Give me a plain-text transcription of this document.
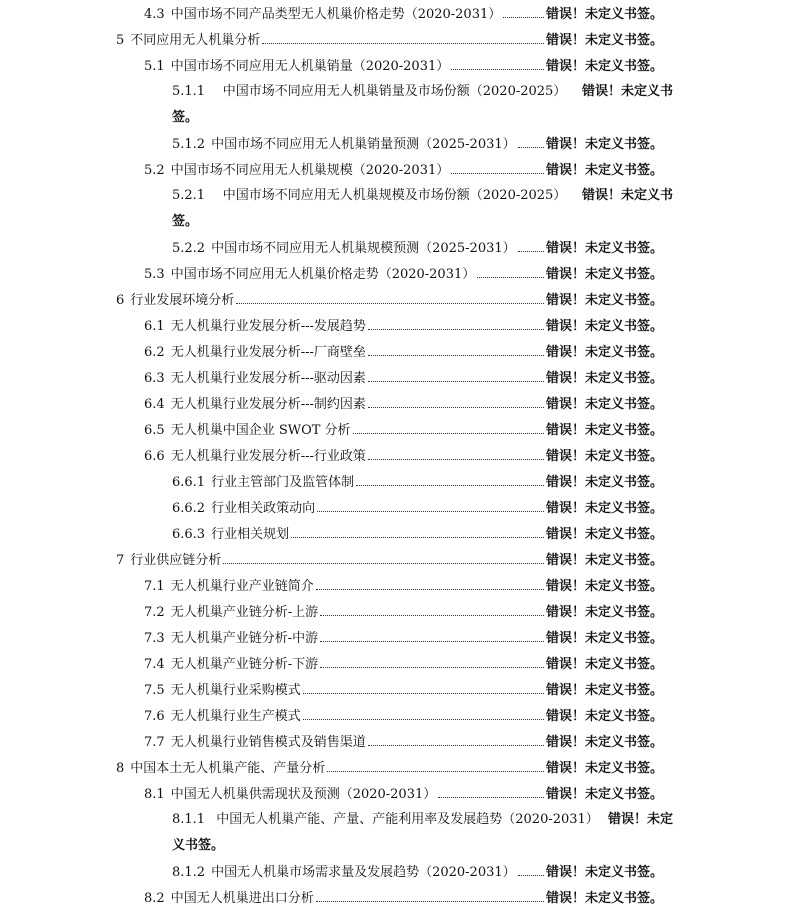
4.3 中国市场不同产品类型无人机巢价格走势（2020-2031）	错误！未定义书签。
5 不同应用无人机巢分析	错误！未定义书签。
5.1 中国市场不同应用无人机巢销量（2020-2031）	错误！未定义书签。
5.1.1 中国市场不同应用无人机巢销量及市场份额（2020-2025） 错误！未定义书
签。
5.1.2 中国市场不同应用无人机巢销量预测（2025-2031） 错误！未定义书签。
5.2 中国市场不同应用无人机巢规模（2020-2031）	错误！未定义书签。
5.2.1 中国市场不同应用无人机巢规模及市场份额（2020-2025） 错误！未定义书
签。
5.2.2 中国市场不同应用无人机巢规模预测（2025-2031） 错误！未定义书签。
5.3 中国市场不同应用无人机巢价格走势（2020-2031）	错误！未定义书签。
6 行业发展环境分析	错误！未定义书签。
6.1 无人机巢行业发展分析---发展趋势	错误！未定义书签。
6.2 无人机巢行业发展分析---厂商壁垒	错误！未定义书签。
6.3 无人机巢行业发展分析---驱动因素	错误！未定义书签。
6.4 无人机巢行业发展分析---制约因素	错误！未定义书签。
6.5 无人机巢中国企业 SWOT 分析	错误！未定义书签。
6.6 无人机巢行业发展分析---行业政策	错误！未定义书签。
6.6.1 行业主管部门及监管体制	错误！未定义书签。
6.6.2 行业相关政策动向	错误！未定义书签。
6.6.3 行业相关规划	错误！未定义书签。
7 行业供应链分析	错误！未定义书签。
7.1 无人机巢行业产业链简介	错误！未定义书签。
7.2 无人机巢产业链分析-上游	错误！未定义书签。
7.3 无人机巢产业链分析-中游	错误！未定义书签。
7.4 无人机巢产业链分析-下游	错误！未定义书签。
7.5 无人机巢行业采购模式	错误！未定义书签。
7.6 无人机巢行业生产模式	错误！未定义书签。
7.7 无人机巢行业销售模式及销售渠道	错误！未定义书签。
8 中国本土无人机巢产能、产量分析	错误！未定义书签。
8.1 中国无人机巢供需现状及预测（2020-2031）	错误！未定义书签。
8.1.1 中国无人机巢产能、产量、产能利用率及发展趋势（2020-2031） 错误！未定
义书签。
8.1.2 中国无人机巢市场需求量及发展趋势（2020-2031） 错误！未定义书签。
8.2 中国无人机巢进出口分析	错误！未定义书签。
